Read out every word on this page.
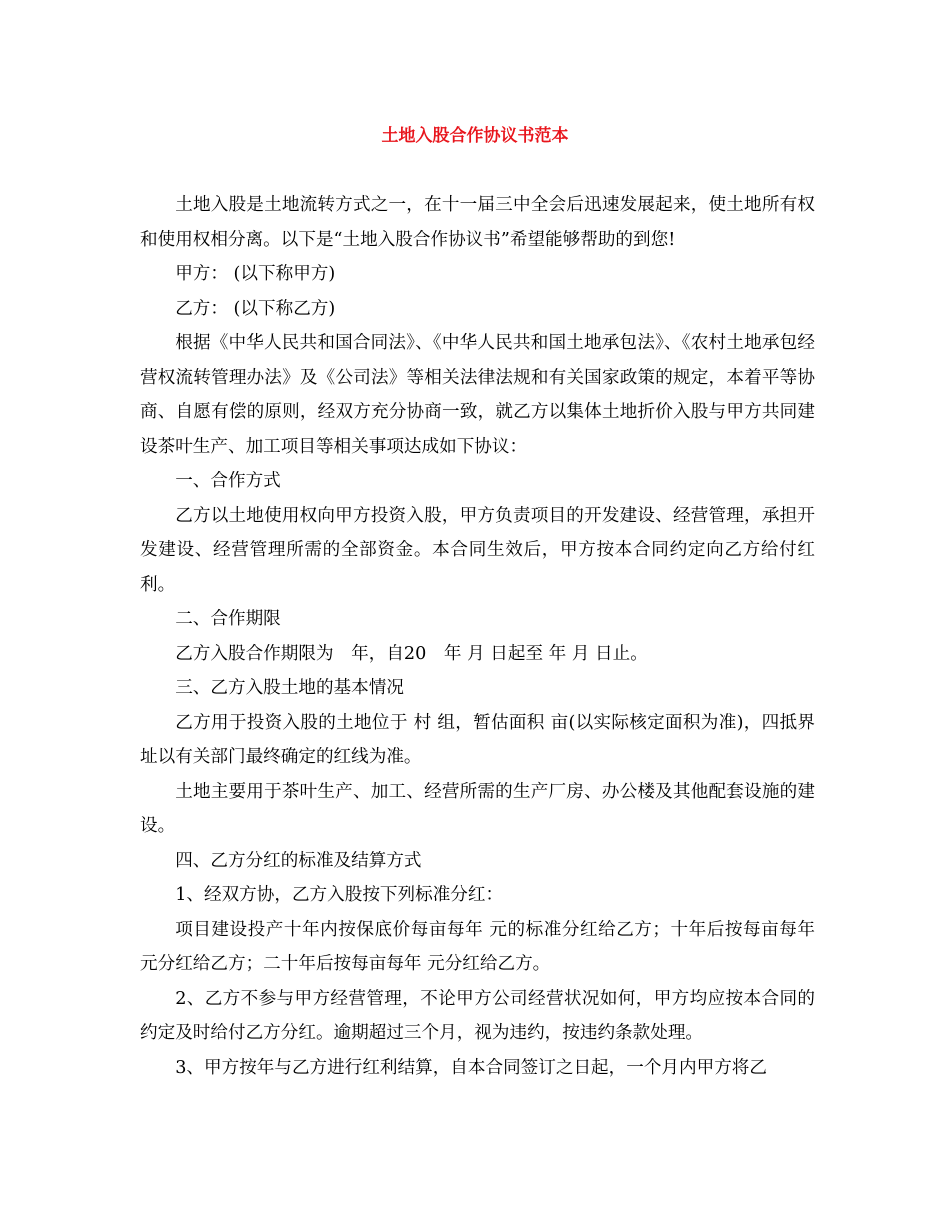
土地入股合作协议书范本

土地入股是土地流转方式之一，在十一届三中全会后迅速发展起来，使土地所有权和使用权相分离。以下是“土地入股合作协议书”希望能够帮助的到您!

甲方： (以下称甲方)

乙方： (以下称乙方)

根据《中华人民共和国合同法》、《中华人民共和国土地承包法》、《农村土地承包经营权流转管理办法》及《公司法》等相关法律法规和有关国家政策的规定，本着平等协商、自愿有偿的原则，经双方充分协商一致，就乙方以集体土地折价入股与甲方共同建设茶叶生产、加工项目等相关事项达成如下协议：

一、合作方式

乙方以土地使用权向甲方投资入股，甲方负责项目的开发建设、经营管理，承担开发建设、经营管理所需的全部资金。本合同生效后，甲方按本合同约定向乙方给付红利。

二、合作期限

乙方入股合作期限为　年，自20　年 月 日起至 年 月 日止。

三、乙方入股土地的基本情况

乙方用于投资入股的土地位于 村 组，暂估面积 亩(以实际核定面积为准)，四抵界址以有关部门最终确定的红线为准。

土地主要用于茶叶生产、加工、经营所需的生产厂房、办公楼及其他配套设施的建设。

四、乙方分红的标准及结算方式

1、经双方协，乙方入股按下列标准分红：

项目建设投产十年内按保底价每亩每年 元的标准分红给乙方；十年后按每亩每年 元分红给乙方；二十年后按每亩每年 元分红给乙方。

2、乙方不参与甲方经营管理，不论甲方公司经营状况如何，甲方均应按本合同的约定及时给付乙方分红。逾期超过三个月，视为违约，按违约条款处理。

3、甲方按年与乙方进行红利结算，自本合同签订之日起，一个月内甲方将乙
